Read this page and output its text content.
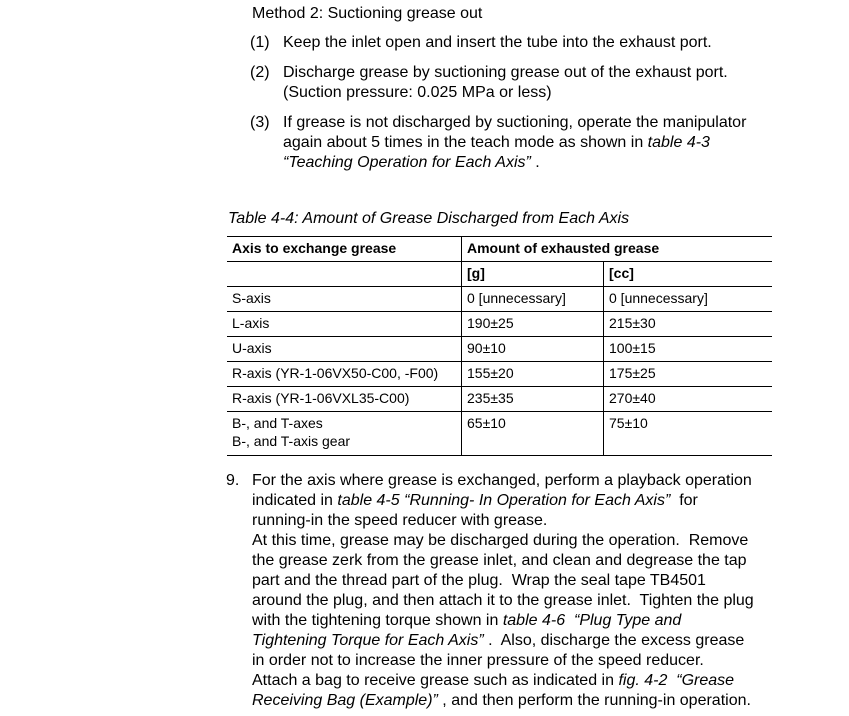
Method 2: Suctioning grease out
(1) Keep the inlet open and insert the tube into the exhaust port.
(2) Discharge grease by suctioning grease out of the exhaust port.
(Suction pressure: 0.025 MPa or less)
(3) If grease is not discharged by suctioning, operate the manipulator
again about 5 times in the teach mode as shown in table 4-3
“Teaching Operation for Each Axis” .
Table 4-4: Amount of Grease Discharged from Each Axis
Axis to exchange grease	Amount of exhausted grease	
	[g]	[cc]
S-axis	0 [unnecessary]	0 [unnecessary]
L-axis	190±25	215±30
U-axis	90±10	100±15
R-axis (YR-1-06VX50-C00, -F00)	155±20	175±25
R-axis (YR-1-06VXL35-C00)	235±35	270±40

B-, and T-axes
B-, and T-axis gear	65±10	75±10
9. For the axis where grease is exchanged, perform a playback operation
indicated in table 4-5 “Running- In Operation for Each Axis”  for
running-in the speed reducer with grease.
At this time, grease may be discharged during the operation.  Remove
the grease zerk from the grease inlet, and clean and degrease the tap
part and the thread part of the plug.  Wrap the seal tape TB4501
around the plug, and then attach it to the grease inlet.  Tighten the plug
with the tightening torque shown in table 4-6 “Plug Type and
Tightening Torque for Each Axis” .  Also, discharge the excess grease
in order not to increase the inner pressure of the speed reducer.
Attach a bag to receive grease such as indicated in fig. 4-2 “Grease
Receiving Bag (Example)” , and then perform the running-in operation.
